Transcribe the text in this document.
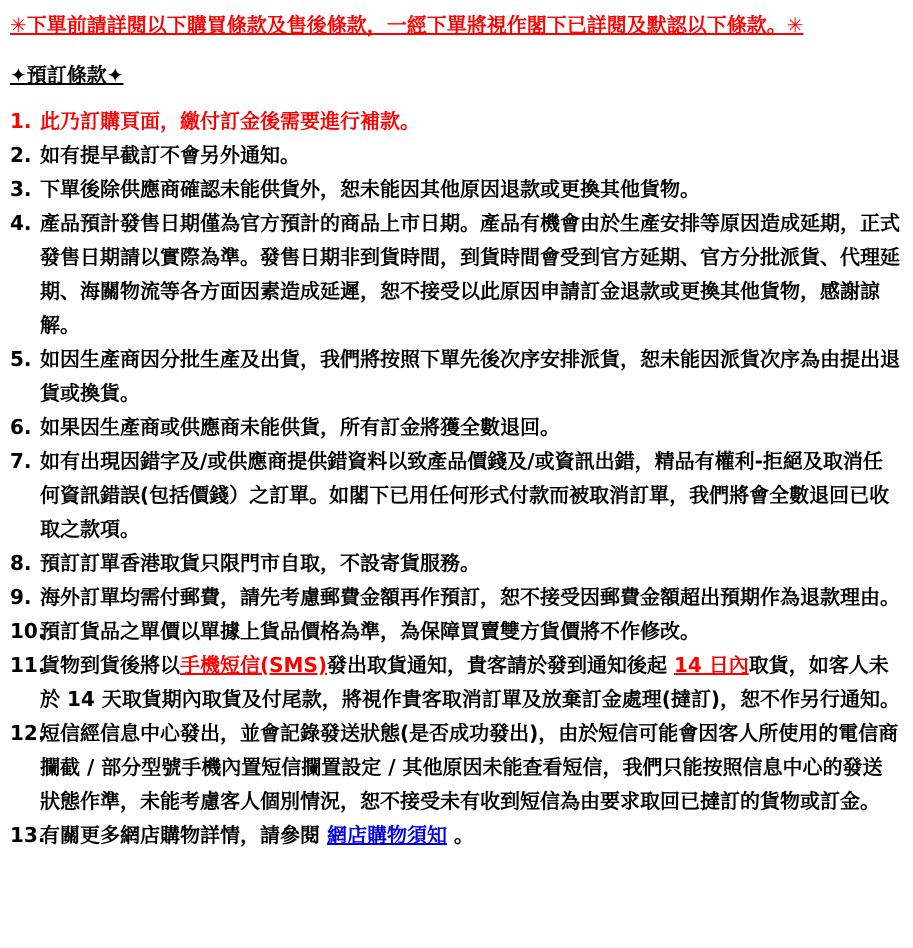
✳下單前請詳閱以下購買條款及售後條款，一經下單將視作閣下已詳閱及默認以下條款。✳
✦預訂條款✦
1. 此乃訂購頁面，繳付訂金後需要進行補款。
2. 如有提早截訂不會另外通知。
3. 下單後除供應商確認未能供貨外，恕未能因其他原因退款或更換其他貨物。
4. 產品預計發售日期僅為官方預計的商品上市日期。產品有機會由於生產安排等原因造成延期，正式發售日期請以實際為準。發售日期非到貨時間，到貨時間會受到官方延期、官方分批派貨、代理延期、海關物流等各方面因素造成延遲，恕不接受以此原因申請訂金退款或更換其他貨物，感謝諒解。
5. 如因生產商因分批生產及出貨，我們將按照下單先後次序安排派貨，恕未能因派貨次序為由提出退貨或換貨。
6. 如果因生產商或供應商未能供貨，所有訂金將獲全數退回。
7. 如有出現因錯字及/或供應商提供錯資料以致產品價錢及/或資訊出錯，精品有權利-拒絕及取消任何資訊錯誤(包括價錢）之訂單。如閣下已用任何形式付款而被取消訂單，我們將會全數退回已收取之款項。
8. 預訂訂單香港取貨只限門市自取，不設寄貨服務。
9. 海外訂單均需付郵費，請先考慮郵費金額再作預訂，恕不接受因郵費金額超出預期作為退款理由。
10.
預訂貨品之單價以單據上貨品價格為準，為保障買賣雙方貨價將不作修改。
11.
貨物到貨後將以手機短信(SMS)發出取貨通知，貴客請於發到通知後起 14 日內取貨，如客人未於 14 天取貨期內取貨及付尾款，將視作貴客取消訂單及放棄訂金處理(撻訂)，恕不作另行通知。
12.
短信經信息中心發出，並會記錄發送狀態(是否成功發出)，由於短信可能會因客人所使用的電信商攔截 / 部分型號手機內置短信攔置設定 / 其他原因未能查看短信，我們只能按照信息中心的發送狀態作準，未能考慮客人個別情況，恕不接受未有收到短信為由要求取回已撻訂的貨物或訂金。
13.
有關更多網店購物詳情，請參閱 網店購物須知 。
